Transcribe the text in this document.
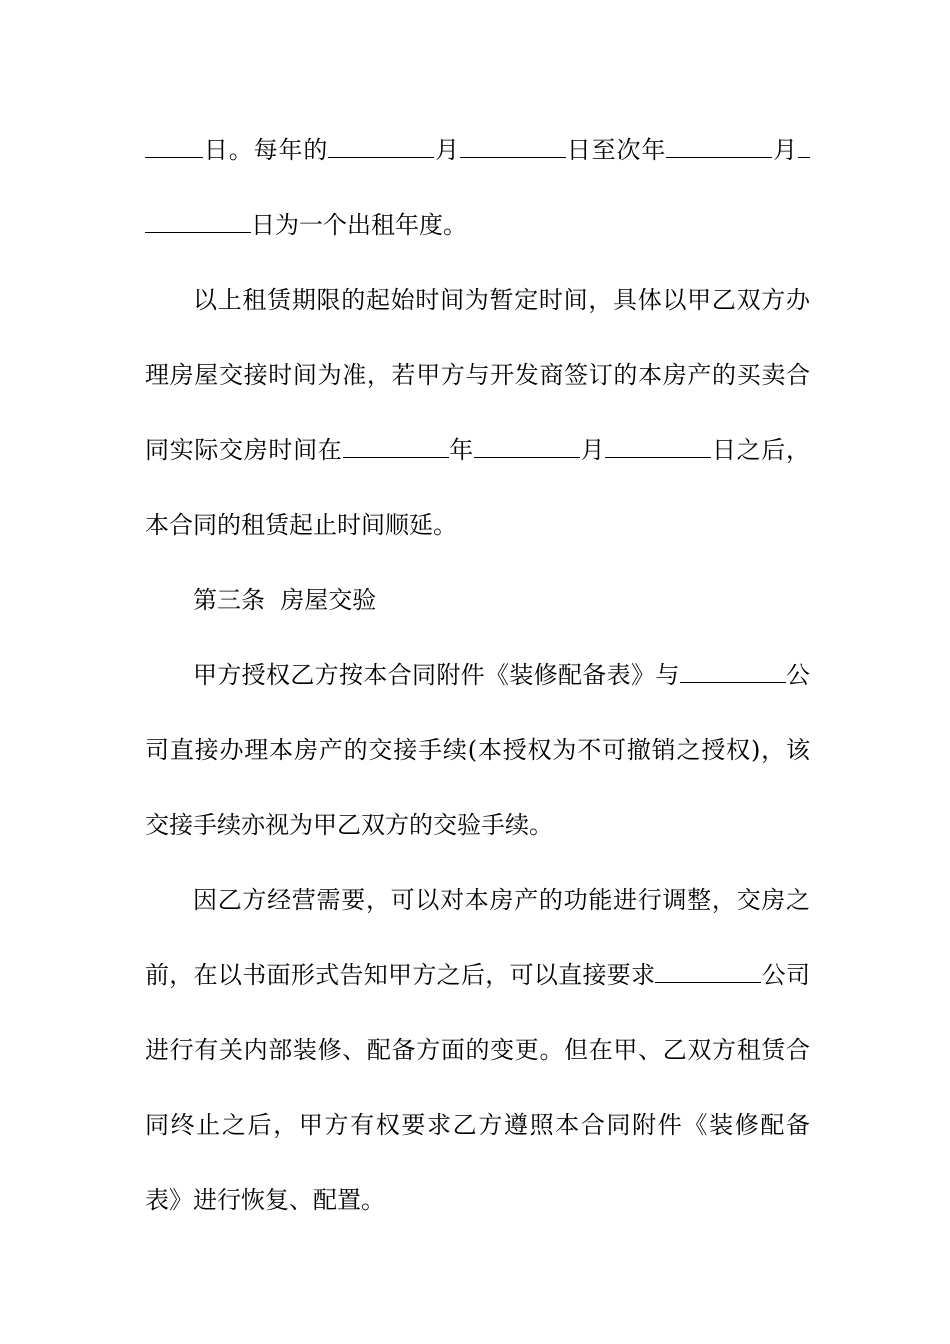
日。每年的	月	日至次年	月
日为一个出租年度。
以上租赁期限的起始时间为暂定时间，具体以甲乙双方办
理房屋交接时间为准，若甲方与开发商签订的本房产的买卖合
同实际交房时间在	年	月	日之后，
本合同的租赁起止时间顺延。
第三条  房屋交验
甲方授权乙方按本合同附件《装修配备表》与	公
司直接办理本房产的交接手续(本授权为不可撤销之授权)，该
交接手续亦视为甲乙双方的交验手续。
因乙方经营需要，可以对本房产的功能进行调整，交房之
前，在以书面形式告知甲方之后，可以直接要求	公司
进行有关内部装修、配备方面的变更。但在甲、乙双方租赁合
同终止之后，甲方有权要求乙方遵照本合同附件《装修配备
表》进行恢复、配置。
